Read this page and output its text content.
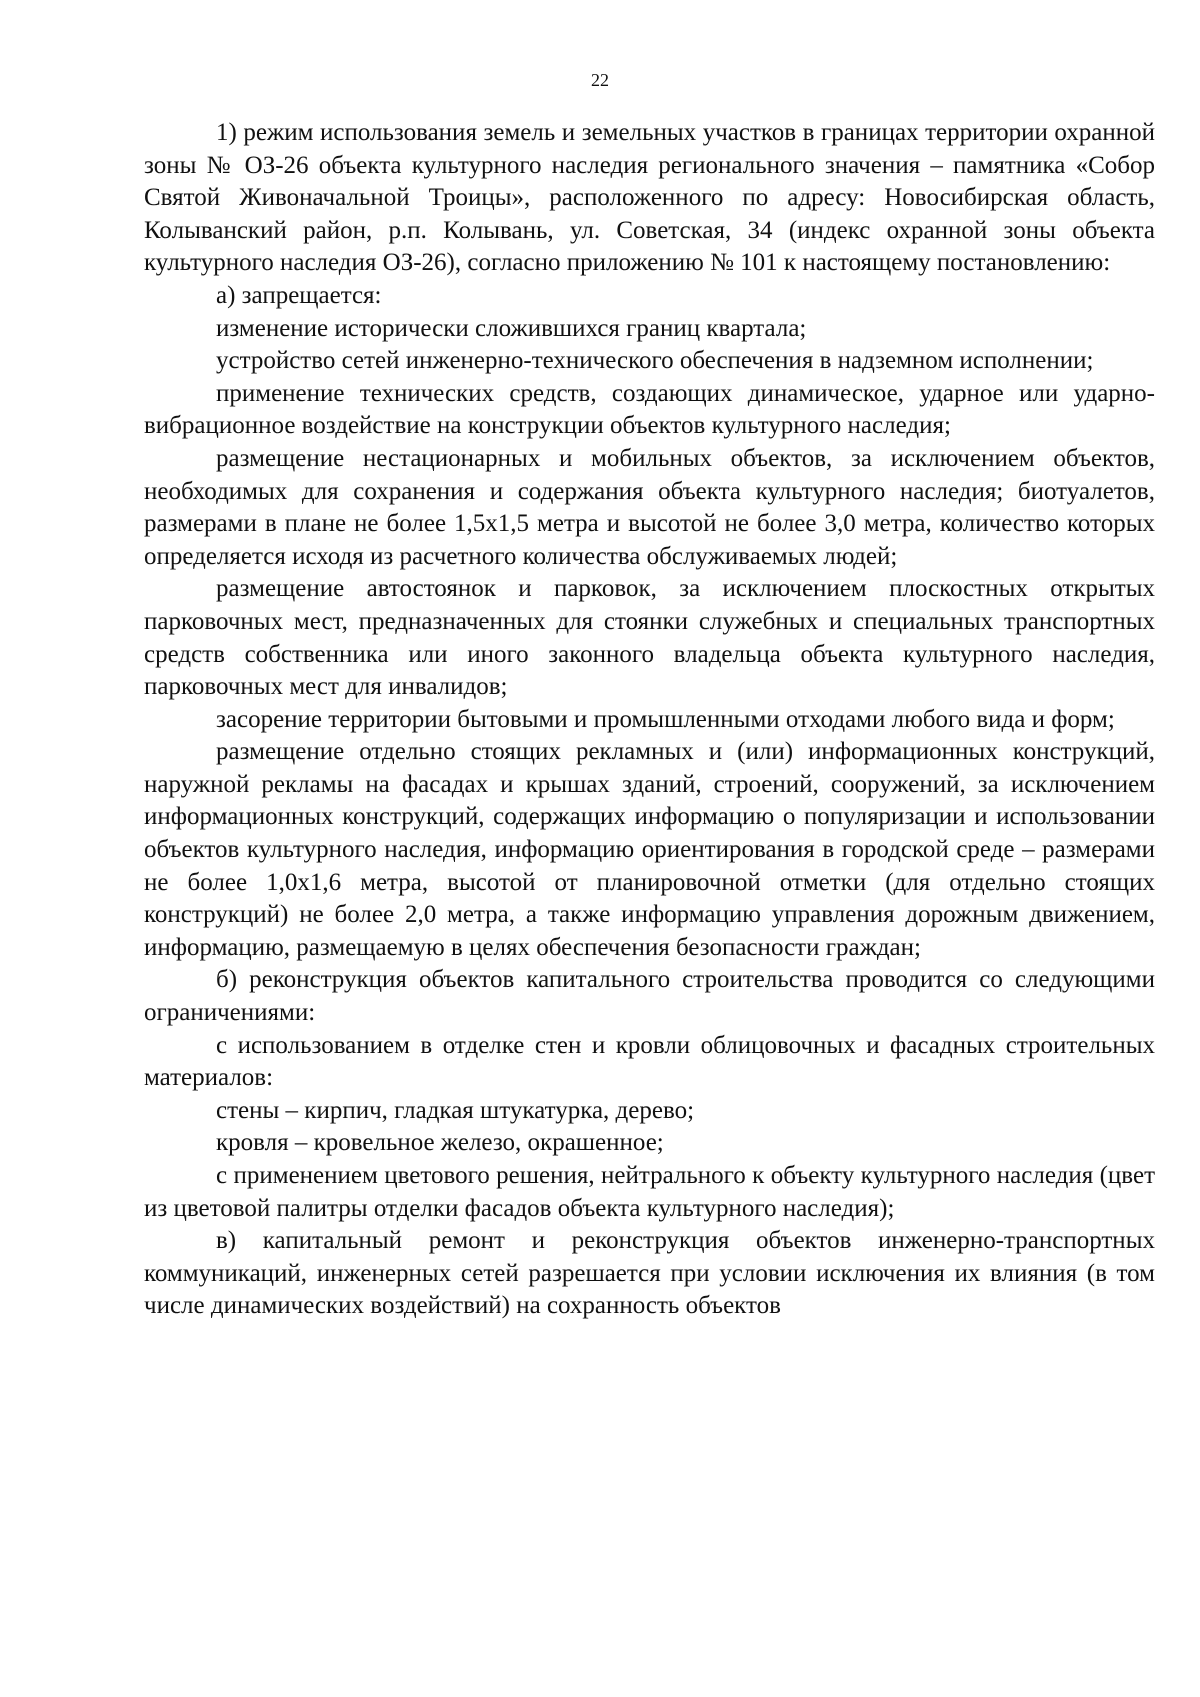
22

1) режим использования земель и земельных участков в границах территории охранной зоны № ОЗ-26 объекта культурного наследия регионального значения – памятника «Собор Святой Живоначальной Троицы», расположенного по адресу: Новосибирская область, Колыванский район, р.п. Колывань, ул. Советская, 34 (индекс охранной зоны объекта культурного наследия ОЗ-26), согласно приложению № 101 к настоящему постановлению:

а) запрещается:

изменение исторически сложившихся границ квартала;

устройство сетей инженерно-технического обеспечения в надземном исполнении;

применение технических средств, создающих динамическое, ударное или ударно-вибрационное воздействие на конструкции объектов культурного наследия;

размещение нестационарных и мобильных объектов, за исключением объектов, необходимых для сохранения и содержания объекта культурного наследия; биотуалетов, размерами в плане не более 1,5х1,5 метра и высотой не более 3,0 метра, количество которых определяется исходя из расчетного количества обслуживаемых людей;

размещение автостоянок и парковок, за исключением плоскостных открытых парковочных мест, предназначенных для стоянки служебных и специальных транспортных средств собственника или иного законного владельца объекта культурного наследия, парковочных мест для инвалидов;

засорение территории бытовыми и промышленными отходами любого вида и форм;

размещение отдельно стоящих рекламных и (или) информационных конструкций, наружной рекламы на фасадах и крышах зданий, строений, сооружений, за исключением информационных конструкций, содержащих информацию о популяризации и использовании объектов культурного наследия, информацию ориентирования в городской среде – размерами не более 1,0х1,6 метра, высотой от планировочной отметки (для отдельно стоящих конструкций) не более 2,0 метра, а также информацию управления дорожным движением, информацию, размещаемую в целях обеспечения безопасности граждан;

б) реконструкция объектов капитального строительства проводится со следующими ограничениями:

с использованием в отделке стен и кровли облицовочных и фасадных строительных материалов:

стены – кирпич, гладкая штукатурка, дерево;

кровля – кровельное железо, окрашенное;

с применением цветового решения, нейтрального к объекту культурного наследия (цвет из цветовой палитры отделки фасадов объекта культурного наследия);

в) капитальный ремонт и реконструкция объектов инженерно-транспортных коммуникаций, инженерных сетей разрешается при условии исключения их влияния (в том числе динамических воздействий) на сохранность объектов
